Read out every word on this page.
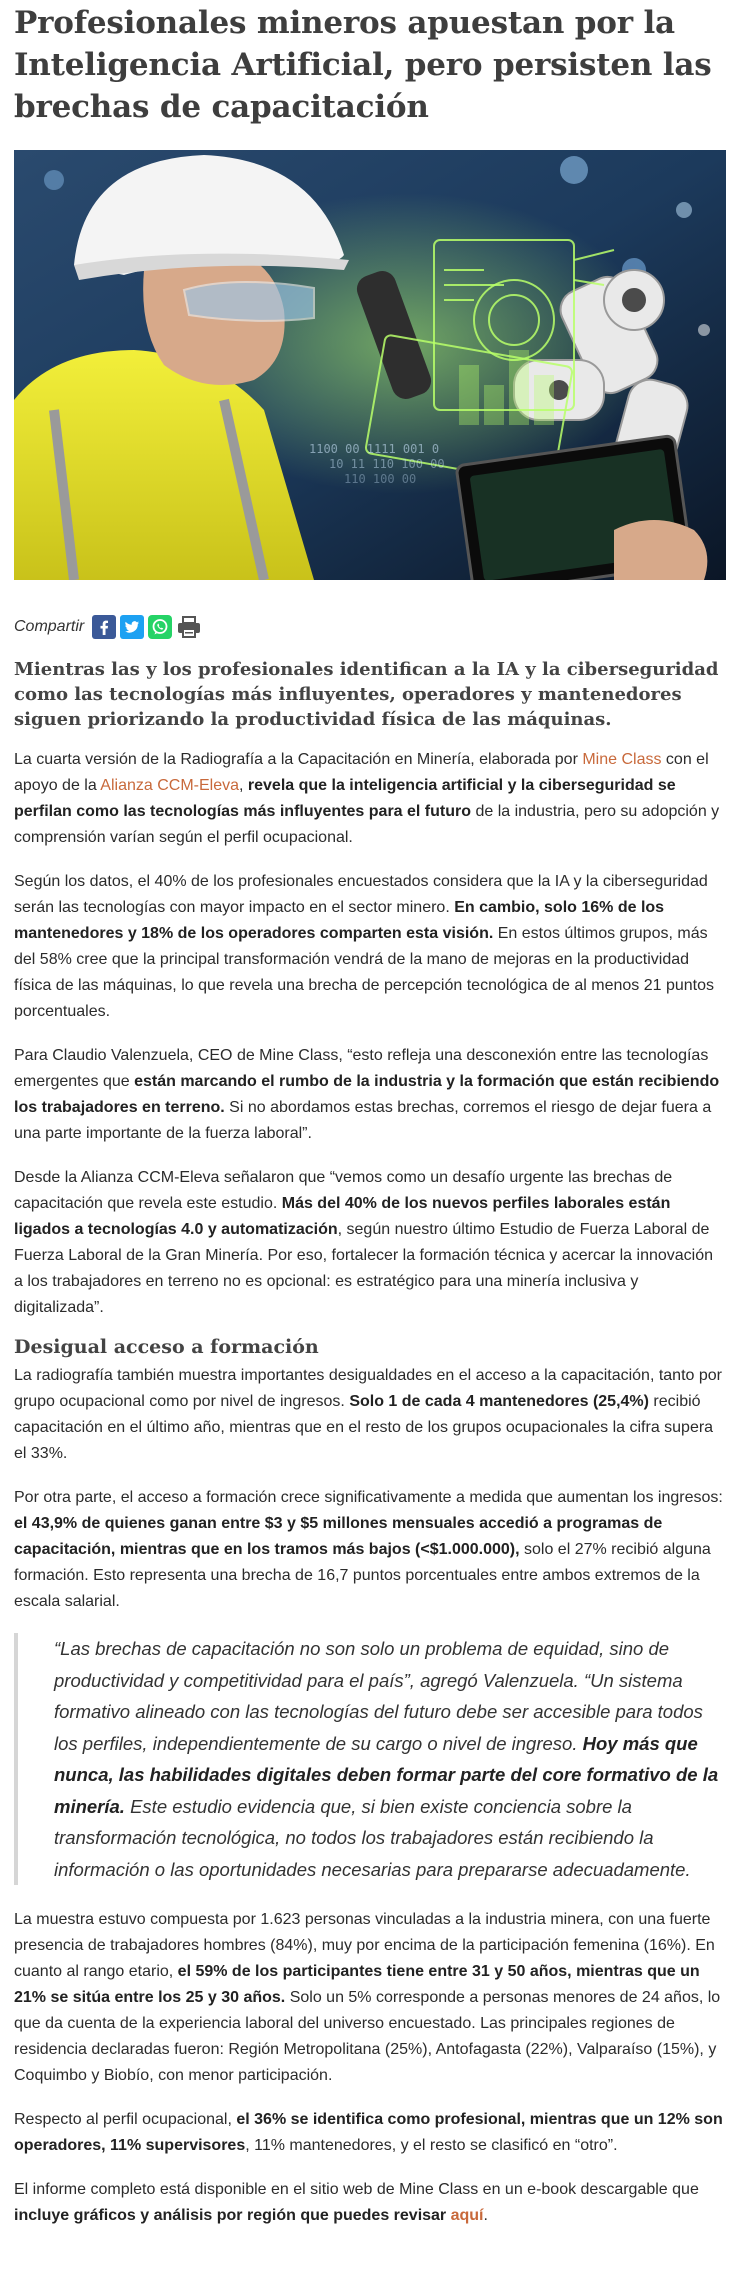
Profesionales mineros apuestan por la Inteligencia Artificial, pero persisten las brechas de capacitación
1100 00 1111 001 0
10 11 110 100 00
110 100 00
Compartir
Mientras las y los profesionales identifican a la IA y la ciberseguridad como las tecnologías más influyentes, operadores y mantenedores siguen priorizando la productividad física de las máquinas.

La cuarta versión de la Radiografía a la Capacitación en Minería, elaborada por Mine Class con el apoyo de la Alianza CCM-Eleva, revela que la inteligencia artificial y la ciberseguridad se perfilan como las tecnologías más influyentes para el futuro de la industria, pero su adopción y comprensión varían según el perfil ocupacional.

Según los datos, el 40% de los profesionales encuestados considera que la IA y la ciberseguridad serán las tecnologías con mayor impacto en el sector minero. En cambio, solo 16% de los mantenedores y 18% de los operadores comparten esta visión. En estos últimos grupos, más del 58% cree que la principal transformación vendrá de la mano de mejoras en la productividad física de las máquinas, lo que revela una brecha de percepción tecnológica de al menos 21 puntos porcentuales.

Para Claudio Valenzuela, CEO de Mine Class, “esto refleja una desconexión entre las tecnologías emergentes que están marcando el rumbo de la industria y la formación que están recibiendo los trabajadores en terreno. Si no abordamos estas brechas, corremos el riesgo de dejar fuera a una parte importante de la fuerza laboral”.

Desde la Alianza CCM-Eleva señalaron que “vemos como un desafío urgente las brechas de capacitación que revela este estudio. Más del 40% de los nuevos perfiles laborales están ligados a tecnologías 4.0 y automatización, según nuestro último Estudio de Fuerza Laboral de Fuerza Laboral de la Gran Minería. Por eso, fortalecer la formación técnica y acercar la innovación a los trabajadores en terreno no es opcional: es estratégico para una minería inclusiva y digitalizada”.

Desigual acceso a formación

La radiografía también muestra importantes desigualdades en el acceso a la capacitación, tanto por grupo ocupacional como por nivel de ingresos. Solo 1 de cada 4 mantenedores (25,4%) recibió capacitación en el último año, mientras que en el resto de los grupos ocupacionales la cifra supera el 33%.

Por otra parte, el acceso a formación crece significativamente a medida que aumentan los ingresos: el 43,9% de quienes ganan entre $3 y $5 millones mensuales accedió a programas de capacitación, mientras que en los tramos más bajos (<$1.000.000), solo el 27% recibió alguna formación. Esto representa una brecha de 16,7 puntos porcentuales entre ambos extremos de la escala salarial.

“Las brechas de capacitación no son solo un problema de equidad, sino de productividad y competitividad para el país”, agregó Valenzuela. “Un sistema formativo alineado con las tecnologías del futuro debe ser accesible para todos los perfiles, independientemente de su cargo o nivel de ingreso. Hoy más que nunca, las habilidades digitales deben formar parte del core formativo de la minería. Este estudio evidencia que, si bien existe conciencia sobre la transformación tecnológica, no todos los trabajadores están recibiendo la información o las oportunidades necesarias para prepararse adecuadamente.

La muestra estuvo compuesta por 1.623 personas vinculadas a la industria minera, con una fuerte presencia de trabajadores hombres (84%), muy por encima de la participación femenina (16%). En cuanto al rango etario, el 59% de los participantes tiene entre 31 y 50 años, mientras que un 21% se sitúa entre los 25 y 30 años. Solo un 5% corresponde a personas menores de 24 años, lo que da cuenta de la experiencia laboral del universo encuestado. Las principales regiones de residencia declaradas fueron: Región Metropolitana (25%), Antofagasta (22%), Valparaíso (15%), y Coquimbo y Biobío, con menor participación.

Respecto al perfil ocupacional, el 36% se identifica como profesional, mientras que un 12% son operadores, 11% supervisores, 11% mantenedores, y el resto se clasificó en “otro”.

El informe completo está disponible en el sitio web de Mine Class en un e-book descargable que incluye gráficos y análisis por región que puedes revisar aquí.
